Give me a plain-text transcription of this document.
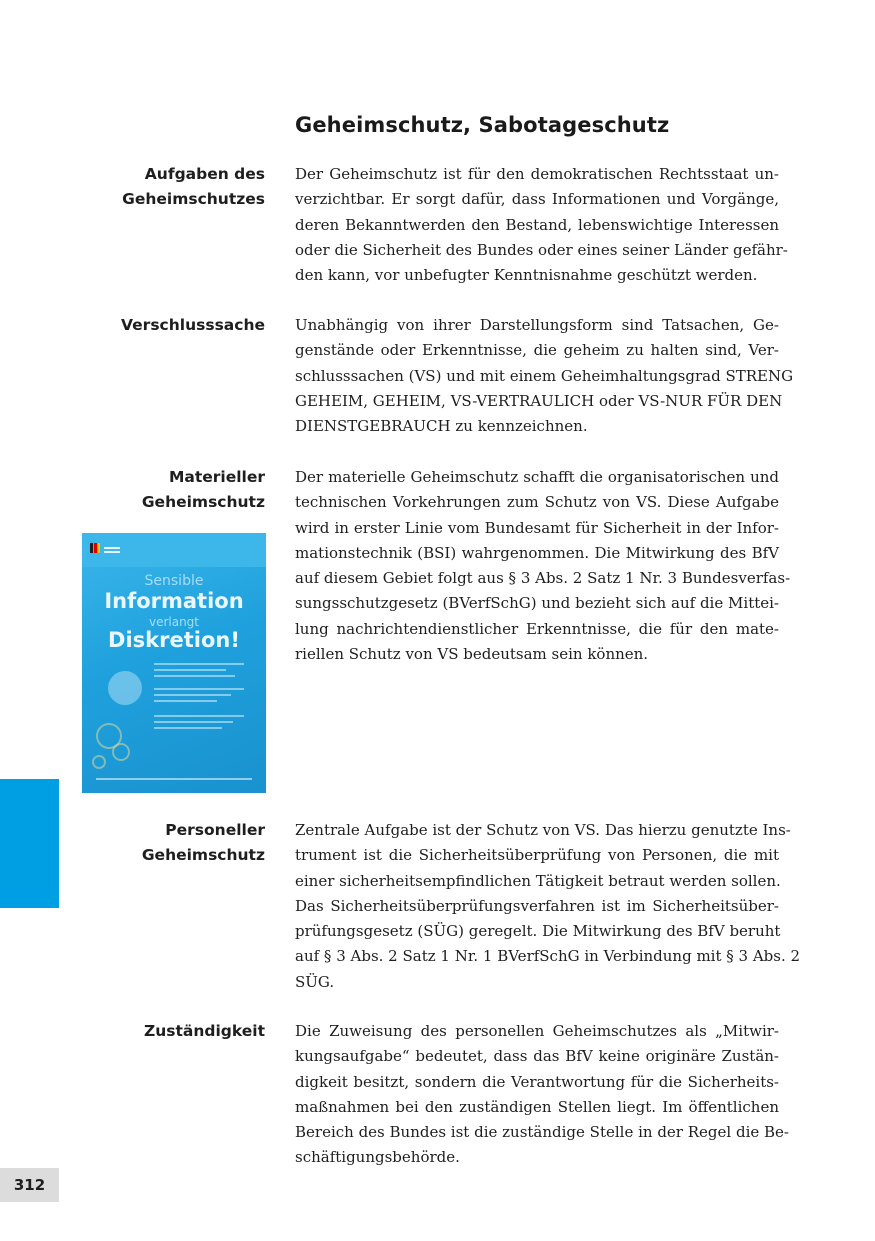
Geheimschutz, Sabotageschutz
Aufgaben des
Geheimschutzes
Der Geheimschutz ist für den demokratischen Rechtsstaat un-
verzichtbar. Er sorgt dafür, dass Informationen und Vorgänge,
deren Bekanntwerden den Bestand, lebenswichtige Interessen
oder die Sicherheit des Bundes oder eines seiner Länder gefähr-
den kann, vor unbefugter Kenntnisnahme geschützt werden.
Verschlusssache Unabhängig von ihrer Darstellungsform sind Tatsachen, Ge-
genstände oder Erkenntnisse, die geheim zu halten sind, Ver-
schlusssachen (VS) und mit einem Geheimhaltungsgrad STRENG
GEHEIM, GEHEIM, VS-VERTRAULICH oder VS-NUR FÜR DEN
DIENSTGEBRAUCH zu kennzeichnen.
Materieller
Geheimschutz
Der materielle Geheimschutz schafft die organisatorischen und
technischen Vorkehrungen zum Schutz von VS. Diese Aufgabe
wird in erster Linie vom Bundesamt für Sicherheit in der Infor-
mationstechnik (BSI) wahrgenommen. Die Mitwirkung des BfV
auf diesem Gebiet folgt aus § 3 Abs. 2 Satz 1 Nr. 3 Bundesverfas-
sungsschutzgesetz (BVerfSchG) und bezieht sich auf die Mittei-
lung nachrichtendienstlicher Erkenntnisse, die für den mate-
riellen Schutz von VS bedeutsam sein können.
Sensible
Information
verlangt
Diskretion!
Personeller
Geheimschutz
Zentrale Aufgabe ist der Schutz von VS. Das hierzu genutzte Ins-
trument ist die Sicherheitsüberprüfung von Personen, die mit
einer sicherheitsempfindlichen Tätigkeit betraut werden sollen.
Das Sicherheitsüberprüfungsverfahren ist im Sicherheitsüber-
prüfungsgesetz (SÜG) geregelt. Die Mitwirkung des BfV beruht
auf § 3 Abs. 2 Satz 1 Nr. 1 BVerfSchG in Verbindung mit § 3 Abs. 2
SÜG.
Zuständigkeit Die Zuweisung des personellen Geheimschutzes als „Mitwir-
kungsaufgabe“ bedeutet, dass das BfV keine originäre Zustän-
digkeit besitzt, sondern die Verantwortung für die Sicherheits-
maßnahmen bei den zuständigen Stellen liegt. Im öffentlichen
Bereich des Bundes ist die zuständige Stelle in der Regel die Be-
schäftigungsbehörde.
312
